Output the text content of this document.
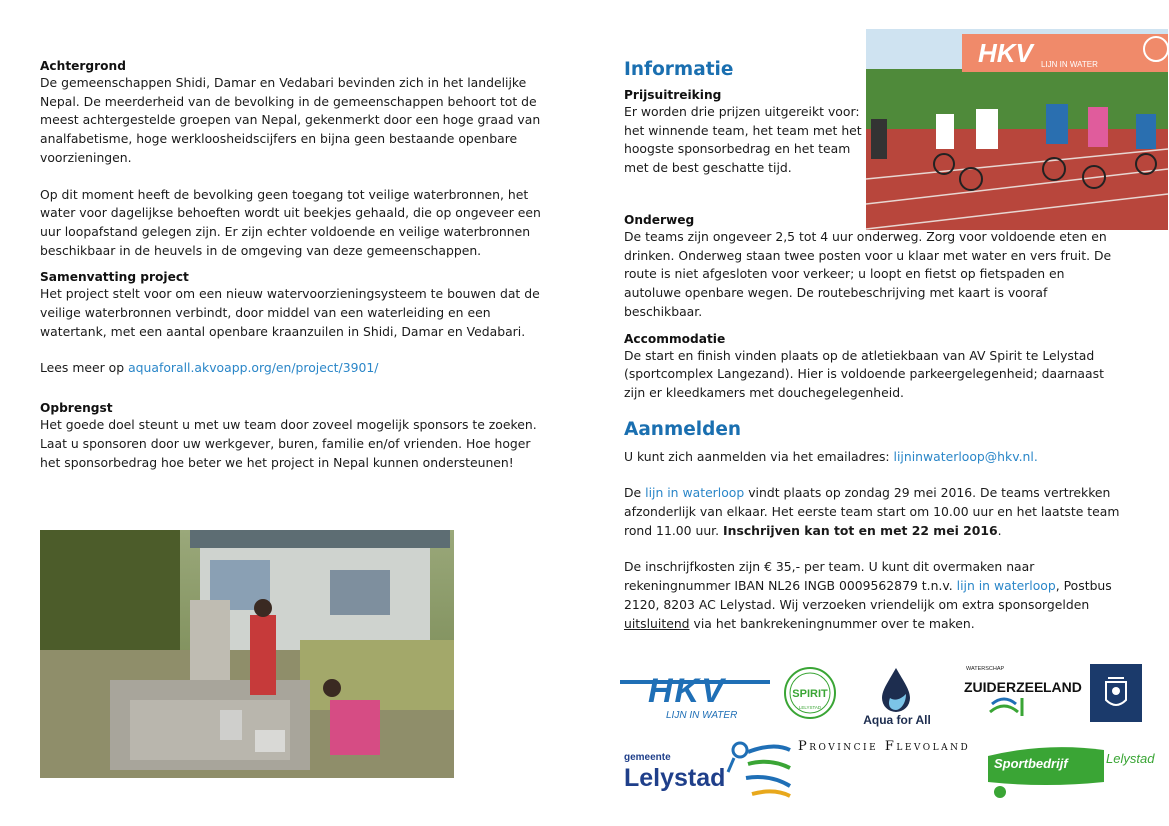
Achtergrond

De gemeenschappen Shidi, Damar en Vedabari bevinden zich in het landelijke Nepal. De meerderheid van de bevolking in de gemeenschappen behoort tot de meest achtergestelde groepen van Nepal, gekenmerkt door een hoge graad van analfabetisme, hoge werkloosheidscijfers en bijna geen bestaande openbare voorzieningen.

Op dit moment heeft de bevolking geen toegang tot veilige waterbronnen, het water voor dagelijkse behoeften wordt uit beekjes gehaald, die op ongeveer een uur loopafstand gelegen zijn. Er zijn echter voldoende en veilige waterbronnen beschikbaar in de heuvels in de omgeving van deze gemeenschappen.

Samenvatting project

Het project stelt voor om een nieuw watervoorzieningsysteem te bouwen dat de veilige waterbronnen verbindt, door middel van een waterleiding en een watertank, met een aantal openbare kraanzuilen in Shidi, Damar en Vedabari.

Lees meer op aquaforall.akvoapp.org/en/project/3901/

Opbrengst

Het goede doel steunt u met uw team door zoveel mogelijk sponsors te zoeken. Laat u sponsoren door uw werkgever, buren, familie en/of vrienden. Hoe hoger het sponsorbedrag hoe beter we het project in Nepal kunnen ondersteunen!

HKV	LIJN IN WATER
Informatie
Prijsuitreiking

Er worden drie prijzen uitgereikt voor: het winnende team, het team met het hoogste sponsorbedrag en het team met de best geschatte tijd.

Onderweg

De teams zijn ongeveer 2,5 tot 4 uur onderweg. Zorg voor voldoende eten en drinken. Onderweg staan twee posten voor u klaar met water en vers fruit. De route is niet afgesloten voor verkeer; u loopt en fietst op fietspaden en autoluwe openbare wegen. De routebeschrijving met kaart is vooraf beschikbaar.

Accommodatie

De start en finish vinden plaats op de atletiekbaan van AV Spirit te Lelystad (sportcomplex Langezand). Hier is voldoende parkeergelegenheid; daarnaast zijn er kleedkamers met douchegelegenheid.

Aanmelden

U kunt zich aanmelden via het emailadres: lijninwaterloop@hkv.nl.

De lijn in waterloop vindt plaats op zondag 29 mei 2016. De teams vertrekken afzonderlijk van elkaar. Het eerste team start om 10.00 uur en het laatste team rond 11.00 uur. Inschrijven kan tot en met 22 mei 2016.

De inschrijfkosten zijn € 35,- per team. U kunt dit overmaken naar rekeningnummer IBAN NL26 INGB 0009562879 t.n.v. lijn in waterloop, Postbus 2120, 8203 AC Lelystad. Wij verzoeken vriendelijk om extra sponsorgelden uitsluitend via het bankrekeningnummer over te maken.

HKV
LIJN IN WATER
SPIRIT
LELYSTAD
Aqua for All
WATERSCHAP
ZUIDERZEE LAND
Provincie Flevoland
gemeente
Lelystad
Sportbedrijf	Lelystad
